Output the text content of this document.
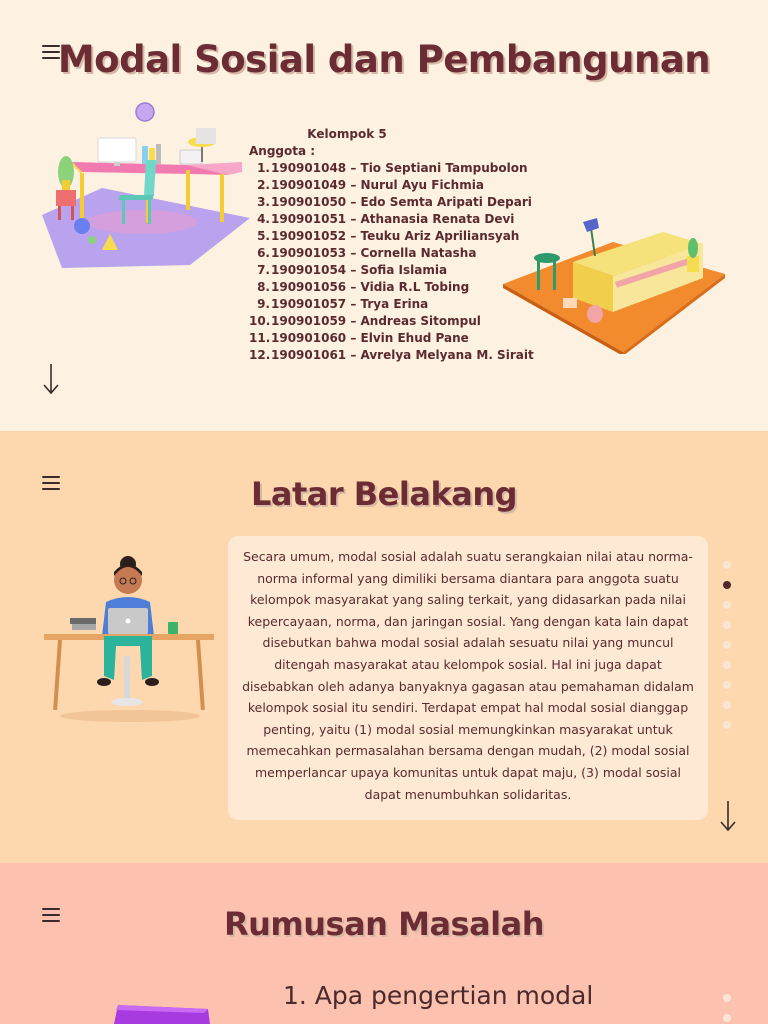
Modal Sosial dan Pembangunan
Kelompok 5
Anggota :
1. 190901048 – Tio Septiani Tampubolon
2. 190901049 – Nurul Ayu Fichmia
3. 190901050 – Edo Semta Aripati Depari
4. 190901051 – Athanasia Renata Devi
5. 190901052 – Teuku Ariz Apriliansyah
6. 190901053 – Cornella Natasha
7. 190901054 – Sofia Islamia
8. 190901056 – Vidia R.L Tobing
9. 190901057 – Trya Erina
10. 190901059 – Andreas Sitompul
11. 190901060 – Elvin Ehud Pane
12. 190901061 – Avrelya Melyana M. Sirait
Latar Belakang

Secara umum, modal sosial adalah suatu serangkaian nilai atau norma-norma informal yang dimiliki bersama diantara para anggota suatu kelompok masyarakat yang saling terkait, yang didasarkan pada nilai kepercayaan, norma, dan jaringan sosial. Yang dengan kata lain dapat disebutkan bahwa modal sosial adalah sesuatu nilai yang muncul ditengah masyarakat atau kelompok sosial. Hal ini juga dapat disebabkan oleh adanya banyaknya gagasan atau pemahaman didalam kelompok sosial itu sendiri. Terdapat empat hal modal sosial dianggap penting, yaitu (1) modal sosial memungkinkan masyarakat untuk memecahkan permasalahan bersama dengan mudah, (2) modal sosial memperlancar upaya komunitas untuk dapat maju, (3) modal sosial dapat menumbuhkan solidaritas.

Rumusan Masalah
1. Apa pengertian modal
